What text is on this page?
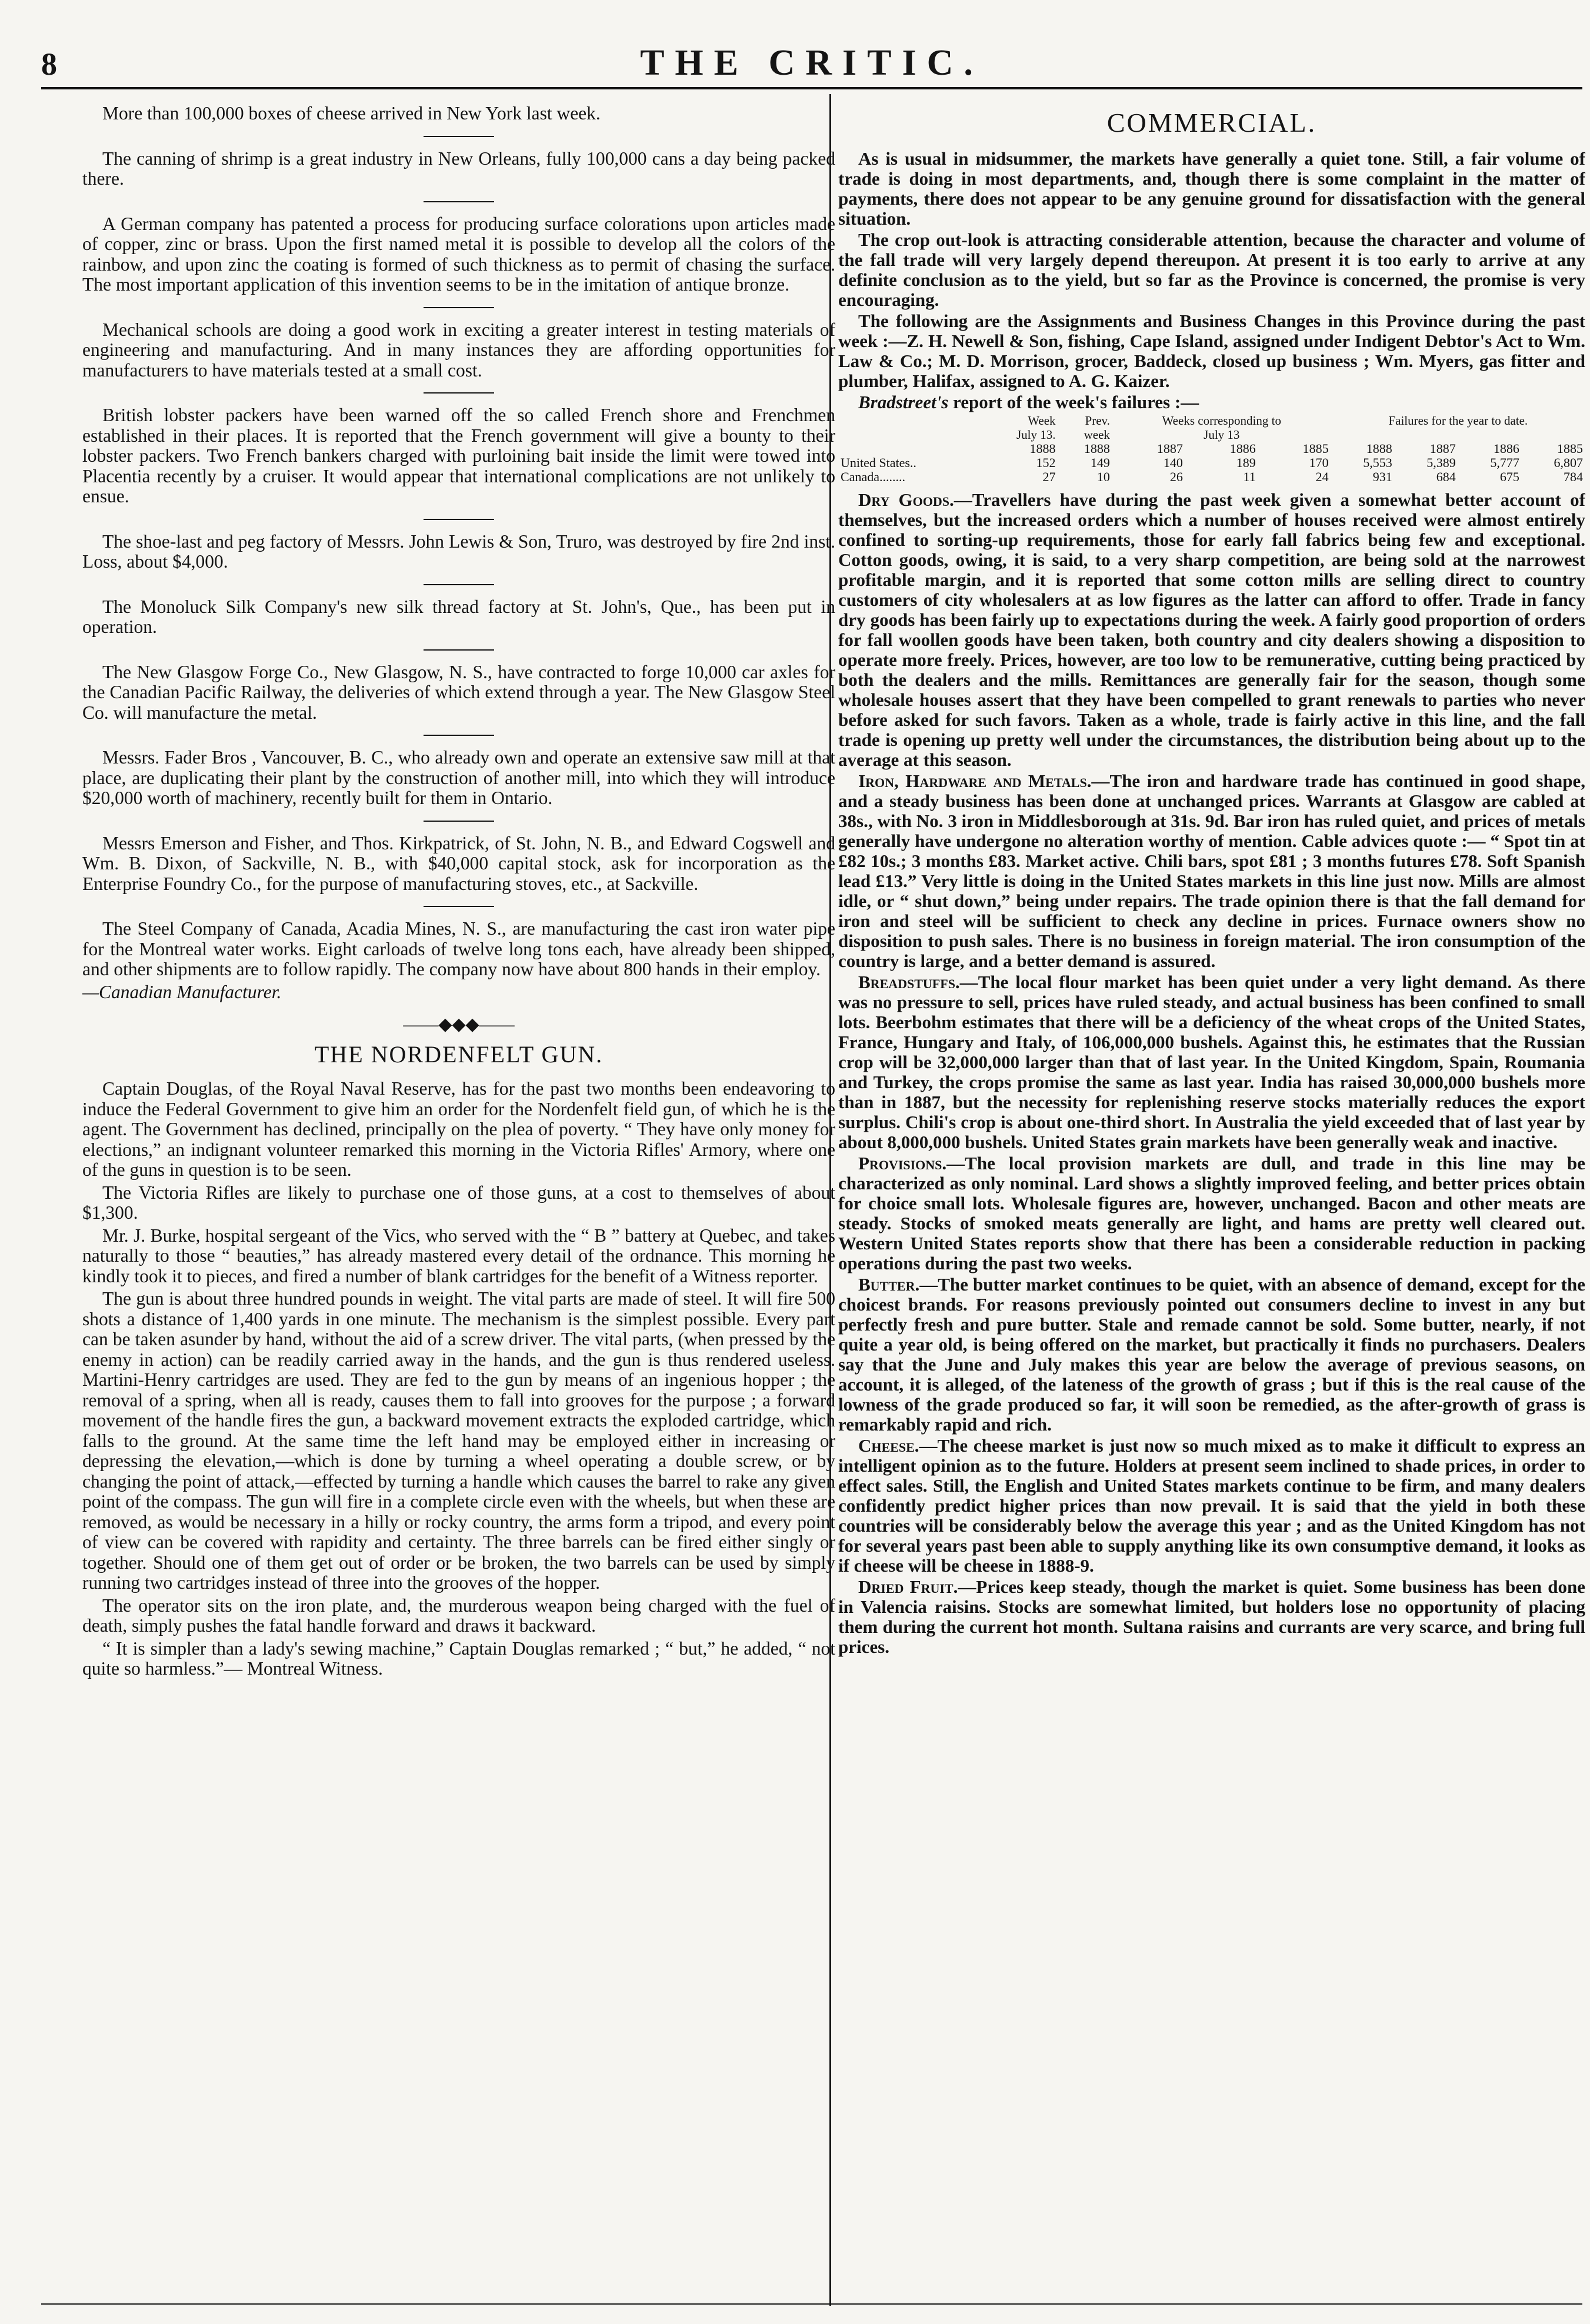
8	THE CRITIC.

More than 100,000 boxes of cheese arrived in New York last week.

The canning of shrimp is a great industry in New Orleans, fully 100,000 cans a day being packed there.

A German company has patented a process for producing surface colorations upon articles made of copper, zinc or brass. Upon the first named metal it is possible to develop all the colors of the rainbow, and upon zinc the coating is formed of such thickness as to permit of chasing the surface. The most important application of this invention seems to be in the imitation of antique bronze.

Mechanical schools are doing a good work in exciting a greater interest in testing materials of engineering and manufacturing. And in many instances they are affording opportunities for manufacturers to have materials tested at a small cost.

British lobster packers have been warned off the so called French shore and Frenchmen established in their places. It is reported that the French government will give a bounty to their lobster packers. Two French bankers charged with purloining bait inside the limit were towed into Placentia recently by a cruiser. It would appear that international complications are not unlikely to ensue.

The shoe-last and peg factory of Messrs. John Lewis & Son, Truro, was destroyed by fire 2nd inst. Loss, about $4,000.

The Monoluck Silk Company's new silk thread factory at St. John's, Que., has been put in operation.

The New Glasgow Forge Co., New Glasgow, N. S., have contracted to forge 10,000 car axles for the Canadian Pacific Railway, the deliveries of which extend through a year. The New Glasgow Steel Co. will manufacture the metal.

Messrs. Fader Bros , Vancouver, B. C., who already own and operate an extensive saw mill at that place, are duplicating their plant by the construction of another mill, into which they will introduce $20,000 worth of machinery, recently built for them in Ontario.

Messrs Emerson and Fisher, and Thos. Kirkpatrick, of St. John, N. B., and Edward Cogswell and Wm. B. Dixon, of Sackville, N. B., with $40,000 capital stock, ask for incorporation as the Enterprise Foundry Co., for the purpose of manufacturing stoves, etc., at Sackville.

The Steel Company of Canada, Acadia Mines, N. S., are manufacturing the cast iron water pipe for the Montreal water works. Eight carloads of twelve long tons each, have already been shipped, and other shipments are to follow rapidly. The company now have about 800 hands in their employ.

—Canadian Manufacturer.

——◆◆◆——
THE NORDENFELT GUN.

Captain Douglas, of the Royal Naval Reserve, has for the past two months been endeavoring to induce the Federal Government to give him an order for the Nordenfelt field gun, of which he is the agent. The Government has declined, principally on the plea of poverty. “ They have only money for elections,” an indignant volunteer remarked this morning in the Victoria Rifles' Armory, where one of the guns in question is to be seen.

The Victoria Rifles are likely to purchase one of those guns, at a cost to themselves of about $1,300.

Mr. J. Burke, hospital sergeant of the Vics, who served with the “ B ” battery at Quebec, and takes naturally to those “ beauties,” has already mastered every detail of the ordnance. This morning he kindly took it to pieces, and fired a number of blank cartridges for the benefit of a Witness reporter.

The gun is about three hundred pounds in weight. The vital parts are made of steel. It will fire 500 shots a distance of 1,400 yards in one minute. The mechanism is the simplest possible. Every part can be taken asunder by hand, without the aid of a screw driver. The vital parts, (when pressed by the enemy in action) can be readily carried away in the hands, and the gun is thus rendered useless. Martini-Henry cartridges are used. They are fed to the gun by means of an ingenious hopper ; the removal of a spring, when all is ready, causes them to fall into grooves for the purpose ; a forward movement of the handle fires the gun, a backward movement extracts the exploded cartridge, which falls to the ground. At the same time the left hand may be employed either in increasing or depressing the elevation,—which is done by turning a wheel operating a double screw, or by changing the point of attack,—effected by turning a handle which causes the barrel to rake any given point of the compass. The gun will fire in a complete circle even with the wheels, but when these are removed, as would be necessary in a hilly or rocky country, the arms form a tripod, and every point of view can be covered with rapidity and certainty. The three barrels can be fired either singly or together. Should one of them get out of order or be broken, the two barrels can be used by simply running two cartridges instead of three into the grooves of the hopper.

The operator sits on the iron plate, and, the murderous weapon being charged with the fuel of death, simply pushes the fatal handle forward and draws it backward.

“ It is simpler than a lady's sewing machine,” Captain Douglas remarked ; “ but,” he added, “ not quite so harmless.”— Montreal Witness.

COMMERCIAL.

As is usual in midsummer, the markets have generally a quiet tone. Still, a fair volume of trade is doing in most departments, and, though there is some complaint in the matter of payments, there does not appear to be any genuine ground for dissatisfaction with the general situation.

The crop out-look is attracting considerable attention, because the character and volume of the fall trade will very largely depend thereupon. At present it is too early to arrive at any definite conclusion as to the yield, but so far as the Province is concerned, the promise is very encouraging.

The following are the Assignments and Business Changes in this Province during the past week :—Z. H. Newell & Son, fishing, Cape Island, assigned under Indigent Debtor's Act to Wm. Law & Co.; M. D. Morrison, grocer, Baddeck, closed up business ; Wm. Myers, gas fitter and plumber, Halifax, assigned to A. G. Kaizer.

Bradstreet's report of the week's failures :—

	Week	Prev.	Weeks corresponding to			Failures for the year to date.			
	July 13.	week	July 13						
	1888	1888	1887	1886	1885	1888	1887	1886	1885
United States..	152	149	140	189	170	5,553	5,389	5,777	6,807
Canada........	27	10	26	11	24	931	684	675	784

Dry Goods.—Travellers have during the past week given a somewhat better account of themselves, but the increased orders which a number of houses received were almost entirely confined to sorting-up requirements, those for early fall fabrics being few and exceptional. Cotton goods, owing, it is said, to a very sharp competition, are being sold at the narrowest profitable margin, and it is reported that some cotton mills are selling direct to country customers of city wholesalers at as low figures as the latter can afford to offer. Trade in fancy dry goods has been fairly up to expectations during the week. A fairly good proportion of orders for fall woollen goods have been taken, both country and city dealers showing a disposition to operate more freely. Prices, however, are too low to be remunerative, cutting being practiced by both the dealers and the mills. Remittances are generally fair for the season, though some wholesale houses assert that they have been compelled to grant renewals to parties who never before asked for such favors. Taken as a whole, trade is fairly active in this line, and the fall trade is opening up pretty well under the circumstances, the distribution being about up to the average at this season.

Iron, Hardware and Metals.—The iron and hardware trade has continued in good shape, and a steady business has been done at unchanged prices. Warrants at Glasgow are cabled at 38s., with No. 3 iron in Middlesborough at 31s. 9d. Bar iron has ruled quiet, and prices of metals generally have undergone no alteration worthy of mention. Cable advices quote :— “ Spot tin at £82 10s.; 3 months £83. Market active. Chili bars, spot £81 ; 3 months futures £78. Soft Spanish lead £13.” Very little is doing in the United States markets in this line just now. Mills are almost idle, or “ shut down,” being under repairs. The trade opinion there is that the fall demand for iron and steel will be sufficient to check any decline in prices. Furnace owners show no disposition to push sales. There is no business in foreign material. The iron consumption of the country is large, and a better demand is assured.

Breadstuffs.—The local flour market has been quiet under a very light demand. As there was no pressure to sell, prices have ruled steady, and actual business has been confined to small lots. Beerbohm estimates that there will be a deficiency of the wheat crops of the United States, France, Hungary and Italy, of 106,000,000 bushels. Against this, he estimates that the Russian crop will be 32,000,000 larger than that of last year. In the United Kingdom, Spain, Roumania and Turkey, the crops promise the same as last year. India has raised 30,000,000 bushels more than in 1887, but the necessity for replenishing reserve stocks materially reduces the export surplus. Chili's crop is about one-third short. In Australia the yield exceeded that of last year by about 8,000,000 bushels. United States grain markets have been generally weak and inactive.

Provisions.—The local provision markets are dull, and trade in this line may be characterized as only nominal. Lard shows a slightly improved feeling, and better prices obtain for choice small lots. Wholesale figures are, however, unchanged. Bacon and other meats are steady. Stocks of smoked meats generally are light, and hams are pretty well cleared out. Western United States reports show that there has been a considerable reduction in packing operations during the past two weeks.

Butter.—The butter market continues to be quiet, with an absence of demand, except for the choicest brands. For reasons previously pointed out consumers decline to invest in any but perfectly fresh and pure butter. Stale and remade cannot be sold. Some butter, nearly, if not quite a year old, is being offered on the market, but practically it finds no purchasers. Dealers say that the June and July makes this year are below the average of previous seasons, on account, it is alleged, of the lateness of the growth of grass ; but if this is the real cause of the lowness of the grade produced so far, it will soon be remedied, as the after-growth of grass is remarkably rapid and rich.

Cheese.—The cheese market is just now so much mixed as to make it difficult to express an intelligent opinion as to the future. Holders at present seem inclined to shade prices, in order to effect sales. Still, the English and United States markets continue to be firm, and many dealers confidently predict higher prices than now prevail. It is said that the yield in both these countries will be considerably below the average this year ; and as the United Kingdom has not for several years past been able to supply anything like its own consumptive demand, it looks as if cheese will be cheese in 1888-9.

Dried Fruit.—Prices keep steady, though the market is quiet. Some business has been done in Valencia raisins. Stocks are somewhat limited, but holders lose no opportunity of placing them during the current hot month. Sultana raisins and currants are very scarce, and bring full prices.
